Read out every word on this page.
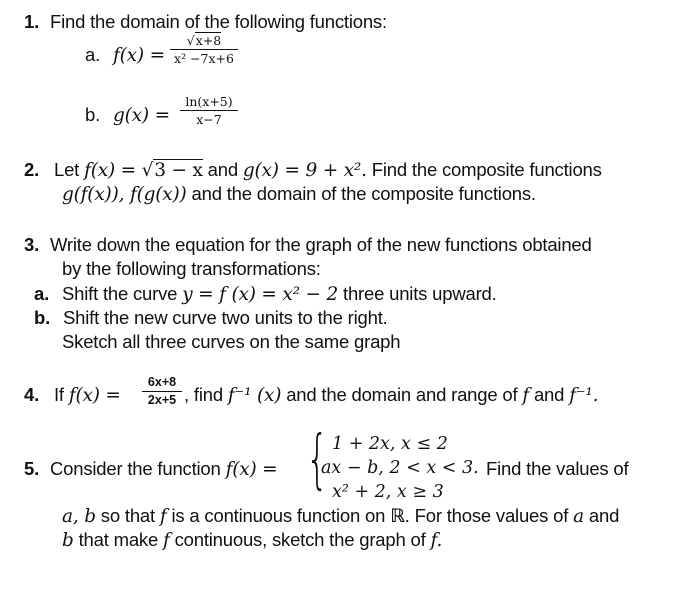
1. Find the domain of the following functions:
a. f(x) =
√x+8
x² −7x+6
b. g(x) =
ln(x+5)
x−7
2. Let f(x) = √3 − x and g(x) = 9 + x². Find the composite functions
g(f(x)), f(g(x)) and the domain of the composite functions.
3. Write down the equation for the graph of the new functions obtained
by the following transformations:
a. Shift the curve y = f (x) = x² − 2 three units upward.
b. Shift the new curve two units to the right.
Sketch all three curves on the same graph
4. If f(x) =
6x+8
2x+5 , find f⁻¹ (x) and the domain and range of f and f⁻¹.
5. Consider the function f(x) = { 1 + 2x, x ≤ 2
ax − b, 2 < x < 3.
x² + 2, x ≥ 3
Find the values of
a, b so that f is a continuous function on ℝ. For those values of a and
b that make f continuous, sketch the graph of f.
